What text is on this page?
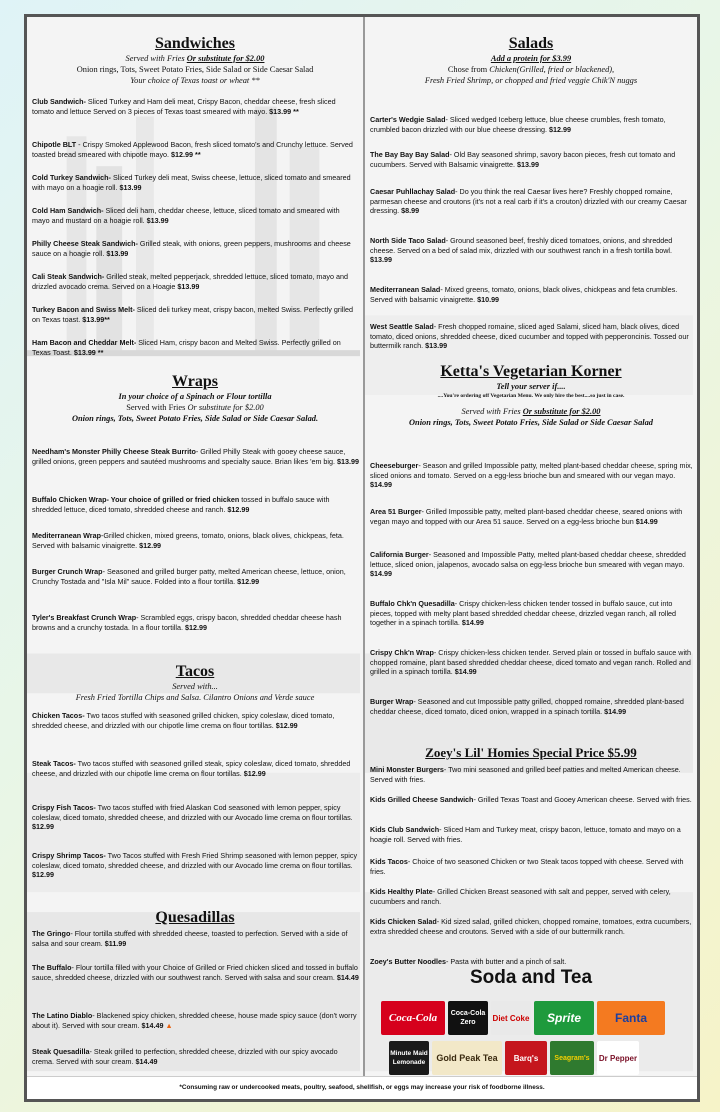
Sandwiches
Served with Fries Or substitute for $2.00
Onion rings, Tots, Sweet Potato Fries, Side Salad or Side Caesar Salad
Your choice of Texas toast or wheat **
Club Sandwich- Sliced Turkey and Ham deli meat, Crispy Bacon, cheddar cheese, fresh sliced tomato and lettuce Served on 3 pieces of Texas toast smeared with mayo. $13.99 **
Chipotle BLT - Crispy Smoked Applewood Bacon, fresh sliced tomato's and Crunchy lettuce. Served toasted bread smeared with chipotle mayo. $12.99 **
Cold Turkey Sandwich- Sliced Turkey deli meat, Swiss cheese, lettuce, sliced tomato and smeared with mayo on a hoagie roll. $13.99
Cold Ham Sandwich- Sliced deli ham, cheddar cheese, lettuce, sliced tomato and smeared with mayo and mustard on a hoagie roll. $13.99
Philly Cheese Steak Sandwich- Grilled steak, with onions, green peppers, mushrooms and cheese sauce on a hoagie roll. $13.99
Cali Steak Sandwich- Grilled steak, melted pepperjack, shredded lettuce, sliced tomato, mayo and drizzled avocado crema. Served on a Hoagie $13.99
Turkey Bacon and Swiss Melt- Sliced deli turkey meat, crispy bacon, melted Swiss. Perfectly grilled on Texas toast. $13.99**
Ham Bacon and Cheddar Melt- Sliced Ham, crispy bacon and Melted Swiss. Perfectly grilled on Texas Toast. $13.99 **
Wraps
In your choice of a Spinach or Flour tortilla
Served with Fries Or substitute for $2.00
Onion rings, Tots, Sweet Potato Fries, Side Salad or Side Caesar Salad.
Needham's Monster Philly Cheese Steak Burrito- Grilled Philly Steak with gooey cheese sauce, grilled onions, green peppers and sautéed mushrooms and specialty sauce. Brian likes 'em big. $13.99
Buffalo Chicken Wrap- Your choice of grilled or fried chicken tossed in buffalo sauce with shredded lettuce, diced tomato, shredded cheese and ranch. $12.99
Mediterranean Wrap-Grilled chicken, mixed greens, tomato, onions, black olives, chickpeas, feta. Served with balsamic vinaigrette. $12.99
Burger Crunch Wrap- Seasoned and grilled burger patty, melted American cheese, lettuce, onion, Crunchy Tostada and "Isla Mil" sauce. Folded into a flour tortilla. $12.99
Tyler's Breakfast Crunch Wrap- Scrambled eggs, crispy bacon, shredded cheddar cheese hash browns and a crunchy tostada. In a flour tortilla. $12.99
Tacos
Served with...
Fresh Fried Tortilla Chips and Salsa. Cilantro Onions and Verde sauce
Chicken Tacos- Two tacos stuffed with seasoned grilled chicken, spicy coleslaw, diced tomato, shredded cheese, and drizzled with our chipotle lime crema on flour tortillas. $12.99
Steak Tacos- Two tacos stuffed with seasoned grilled steak, spicy coleslaw, diced tomato, shredded cheese, and drizzled with our chipotle lime crema on flour tortillas. $12.99
Crispy Fish Tacos- Two tacos stuffed with fried Alaskan Cod seasoned with lemon pepper, spicy coleslaw, diced tomato, shredded cheese, and drizzled with our Avocado lime crema on flour tortillas. $12.99
Crispy Shrimp Tacos- Two Tacos stuffed with Fresh Fried Shrimp seasoned with lemon pepper, spicy coleslaw, diced tomato, shredded cheese, and drizzled with our Avocado lime crema on flour tortillas. $12.99
Quesadillas
The Gringo- Flour tortilla stuffed with shredded cheese, toasted to perfection. Served with a side of salsa and sour cream. $11.99
The Buffalo- Flour tortilla filled with your Choice of Grilled or Fried chicken sliced and tossed in buffalo sauce, shredded cheese, drizzled with our southwest ranch. Served with salsa and sour cream. $14.49
The Latino Diablo- Blackened spicy chicken, shredded cheese, house made spicy sauce (don't worry about it). Served with sour cream. $14.49 ▲
Steak Quesadilla- Steak grilled to perfection, shredded cheese, drizzled with our spicy avocado crema. Served with sour cream. $14.49
Salads
Add a protein for $3.99
Chose from Chicken(Grilled, fried or blackened),
Fresh Fried Shrimp, or chopped and fried veggie Chik'N nuggs
Carter's Wedgie Salad- Sliced wedged Iceberg lettuce, blue cheese crumbles, fresh tomato, crumbled bacon drizzled with our blue cheese dressing. $12.99
The Bay Bay Bay Salad- Old Bay seasoned shrimp, savory bacon pieces, fresh cut tomato and cucumbers. Served with Balsamic vinaigrette. $13.99
Caesar Puhllachay Salad- Do you think the real Caesar lives here? Freshly chopped romaine, parmesan cheese and croutons (it's not a real carb if it's a crouton) drizzled with our creamy Caesar dressing. $8.99
North Side Taco Salad- Ground seasoned beef, freshly diced tomatoes, onions, and shredded cheese. Served on a bed of salad mix, drizzled with our southwest ranch in a fresh tortilla bowl. $13.99
Mediterranean Salad- Mixed greens, tomato, onions, black olives, chickpeas and feta crumbles. Served with balsamic vinaigrette. $10.99
West Seattle Salad- Fresh chopped romaine, sliced aged Salami, sliced ham, black olives, diced tomato, diced onions, shredded cheese, diced cucumber and topped with pepperoncinis. Tossed our buttermilk ranch. $13.99
Ketta's Vegetarian Korner
Tell your server if....
....You're ordering off Vegetarian Menu. We only hire the best....so just in case.
Served with Fries Or substitute for $2.00
Onion rings, Tots, Sweet Potato Fries, Side Salad or Side Caesar Salad
Cheeseburger- Season and grilled Impossible patty, melted plant-based cheddar cheese, spring mix, sliced onions and tomato. Served on a egg-less brioche bun and smeared with our vegan mayo. $14.99
Area 51 Burger- Grilled Impossible patty, melted plant-based cheddar cheese, seared onions with vegan mayo and topped with our Area 51 sauce. Served on a egg-less brioche bun $14.99
California Burger- Seasoned and Impossible Patty, melted plant-based cheddar cheese, shredded lettuce, sliced onion, jalapenos, avocado salsa on egg-less brioche bun smeared with vegan mayo. $14.99
Buffalo Chk'n Quesadilla- Crispy chicken-less chicken tender tossed in buffalo sauce, cut into pieces, topped with melty plant based shredded cheddar cheese, drizzled vegan ranch, all rolled together in a spinach tortilla. $14.99
Crispy Chk'n Wrap- Crispy chicken-less chicken tender. Served plain or tossed in buffalo sauce with chopped romaine, plant based shredded cheddar cheese, diced tomato and vegan ranch. Rolled and grilled in a spinach tortilla. $14.99
Burger Wrap- Seasoned and cut Impossible patty grilled, chopped romaine, shredded plant-based cheddar cheese, diced tomato, diced onion, wrapped in a spinach tortilla. $14.99
Zoey's Lil' Homies Special Price $5.99
Mini Monster Burgers- Two mini seasoned and grilled beef patties and melted American cheese. Served with fries.
Kids Grilled Cheese Sandwich- Grilled Texas Toast and Gooey American cheese. Served with fries.
Kids Club Sandwich- Sliced Ham and Turkey meat, crispy bacon, lettuce, tomato and mayo on a hoagie roll. Served with fries.
Kids Tacos- Choice of two seasoned Chicken or two Steak tacos topped with cheese. Served with fries.
Kids Healthy Plate- Grilled Chicken Breast seasoned with salt and pepper, served with celery, cucumbers and ranch.
Kids Chicken Salad- Kid sized salad, grilled chicken, chopped romaine, tomatoes, extra cucumbers, extra shredded cheese and croutons. Served with a side of our buttermilk ranch.
Zoey's Butter Noodles- Pasta with butter and a pinch of salt.
Soda and Tea
Coca-Cola	Coca-Cola Zero	Diet Coke	Sprite	Fanta
Minute Maid Lemonade	Gold Peak Tea	Barq's	Seagram's	Dr Pepper
*Consuming raw or undercooked meats, poultry, seafood, shellfish, or eggs may increase your risk of foodborne illness.	menupix
